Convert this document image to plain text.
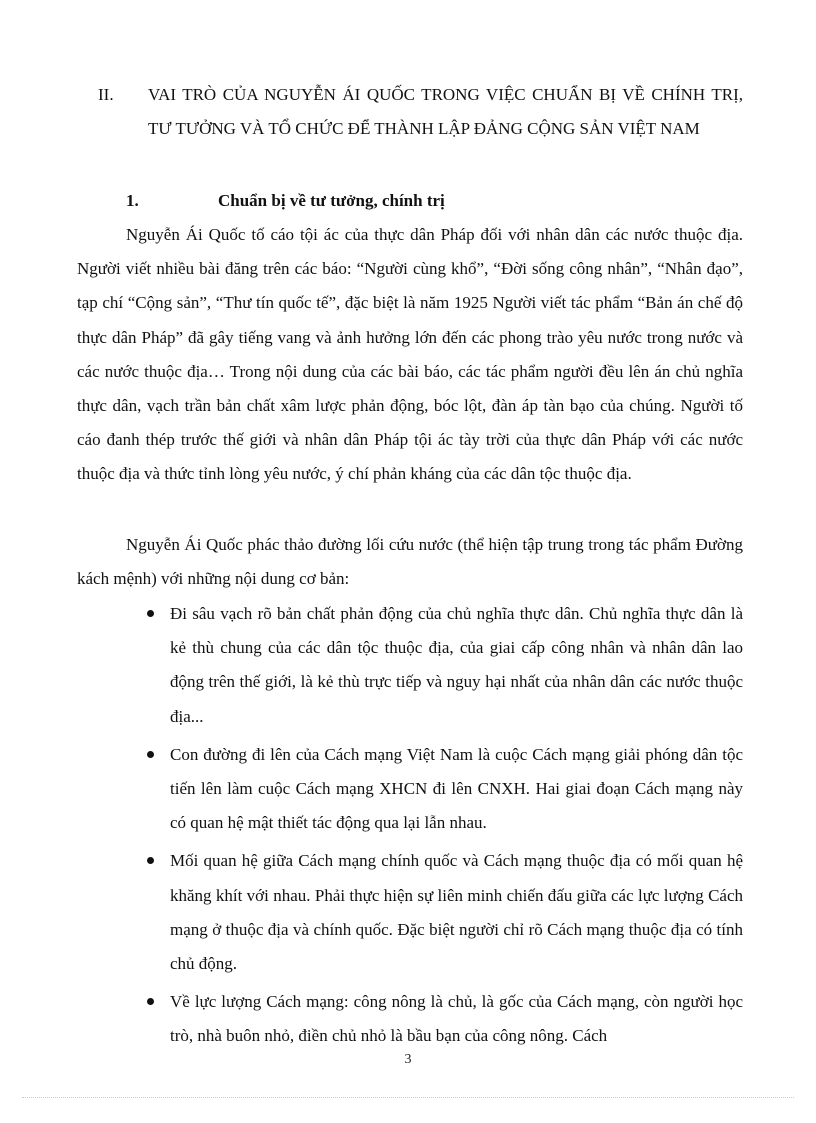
II. VAI TRÒ CỦA NGUYỄN ÁI QUỐC TRONG VIỆC CHUẨN BỊ VỀ CHÍNH TRỊ, TƯ TƯỞNG VÀ TỔ CHỨC ĐỂ THÀNH LẬP ĐẢNG CỘNG SẢN VIỆT NAM
1.	Chuẩn bị về tư tưởng, chính trị

Nguyễn Ái Quốc tố cáo tội ác của thực dân Pháp đối với nhân dân các nước thuộc địa. Người viết nhiều bài đăng trên các báo: “Người cùng khổ”, “Đời sống công nhân”, “Nhân đạo”, tạp chí “Cộng sản”, “Thư tín quốc tế”, đặc biệt là năm 1925 Người viết tác phẩm “Bản án chế độ thực dân Pháp” đã gây tiếng vang và ảnh hưởng lớn đến các phong trào yêu nước trong nước và các nước thuộc địa… Trong nội dung của các bài báo, các tác phẩm người đều lên án chủ nghĩa thực dân, vạch trần bản chất xâm lược phản động, bóc lột, đàn áp tàn bạo của chúng. Người tố cáo đanh thép trước thế giới và nhân dân Pháp tội ác tày trời của thực dân Pháp với các nước thuộc địa và thức tỉnh lòng yêu nước, ý chí phản kháng của các dân tộc thuộc địa.

Nguyễn Ái Quốc phác thảo đường lối cứu nước (thể hiện tập trung trong tác phẩm Đường kách mệnh) với những nội dung cơ bản:

Đi sâu vạch rõ bản chất phản động của chủ nghĩa thực dân. Chủ nghĩa thực dân là kẻ thù chung của các dân tộc thuộc địa, của giai cấp công nhân và nhân dân lao động trên thế giới, là kẻ thù trực tiếp và nguy hại nhất của nhân dân các nước thuộc địa...
Con đường đi lên của Cách mạng Việt Nam là cuộc Cách mạng giải phóng dân tộc tiến lên làm cuộc Cách mạng XHCN đi lên CNXH. Hai giai đoạn Cách mạng này có quan hệ mật thiết tác động qua lại lẫn nhau.
Mối quan hệ giữa Cách mạng chính quốc và Cách mạng thuộc địa có mối quan hệ khăng khít với nhau. Phải thực hiện sự liên minh chiến đấu giữa các lực lượng Cách mạng ở thuộc địa và chính quốc. Đặc biệt người chỉ rõ Cách mạng thuộc địa có tính chủ động.
Về lực lượng Cách mạng: công nông là chủ, là gốc của Cách mạng, còn người học trò, nhà buôn nhỏ, điền chủ nhỏ là bầu bạn của công nông. Cách
3
